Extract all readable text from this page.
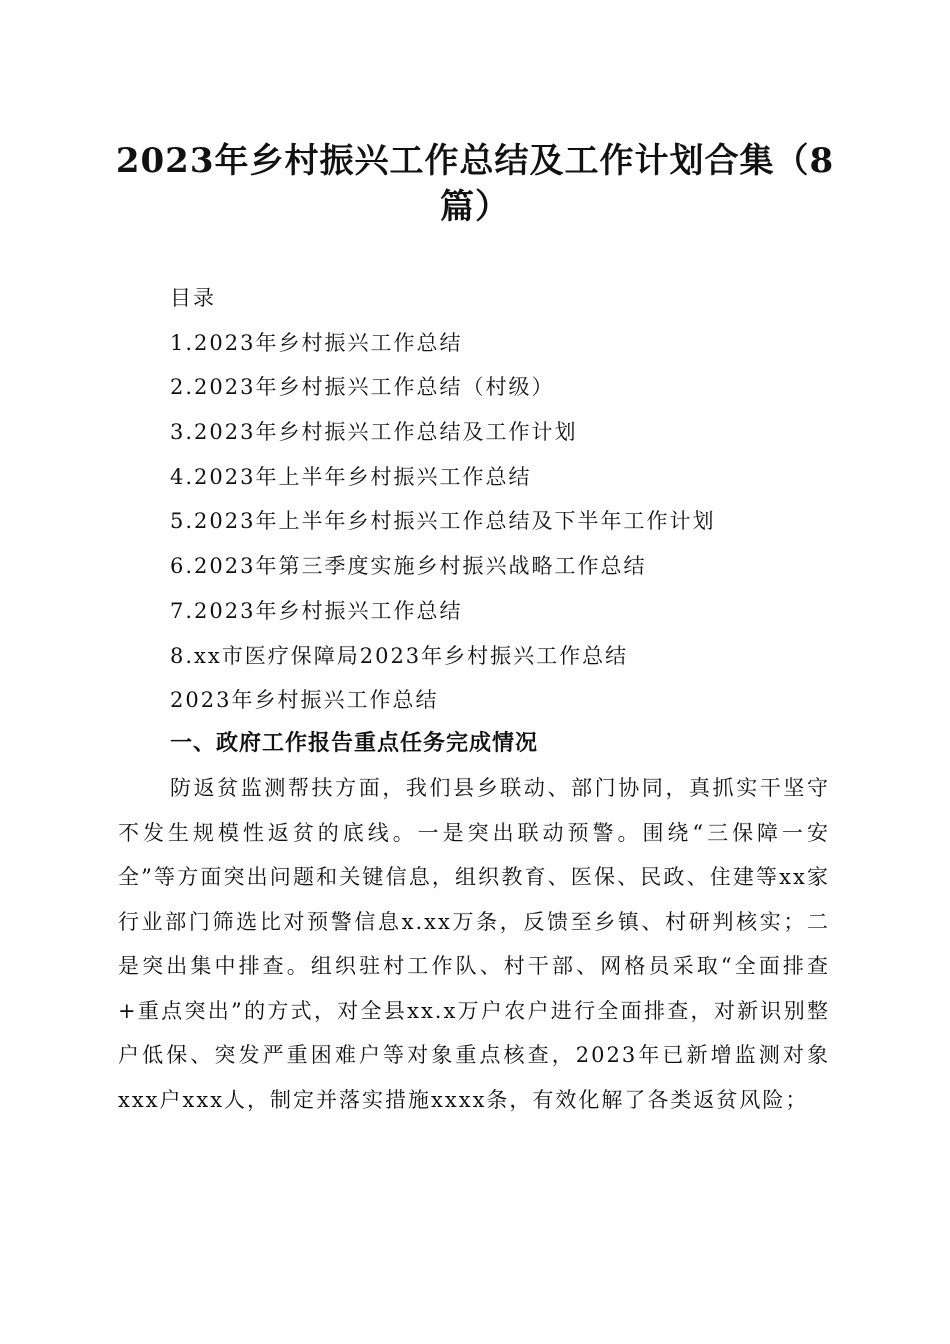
2023年乡村振兴工作总结及工作计划合集（8篇）
目录
1.2023年乡村振兴工作总结
2.2023年乡村振兴工作总结（村级）
3.2023年乡村振兴工作总结及工作计划
4.2023年上半年乡村振兴工作总结
5.2023年上半年乡村振兴工作总结及下半年工作计划
6.2023年第三季度实施乡村振兴战略工作总结
7.2023年乡村振兴工作总结
8.xx市医疗保障局2023年乡村振兴工作总结
2023年乡村振兴工作总结
一、政府工作报告重点任务完成情况

防返贫监测帮扶方面，我们县乡联动、部门协同，真抓实干坚守不发生规模性返贫的底线。一是突出联动预警。围绕“三保障一安全”等方面突出问题和关键信息，组织教育、医保、民政、住建等xx家行业部门筛选比对预警信息x.xx万条，反馈至乡镇、村研判核实；二是突出集中排查。组织驻村工作队、村干部、网格员采取“全面排查+重点突出”的方式，对全县xx.x万户农户进行全面排查，对新识别整户低保、突发严重困难户等对象重点核查，2023年已新增监测对象xxx户xxx人，制定并落实措施xxxx条，有效化解了各类返贫风险；
